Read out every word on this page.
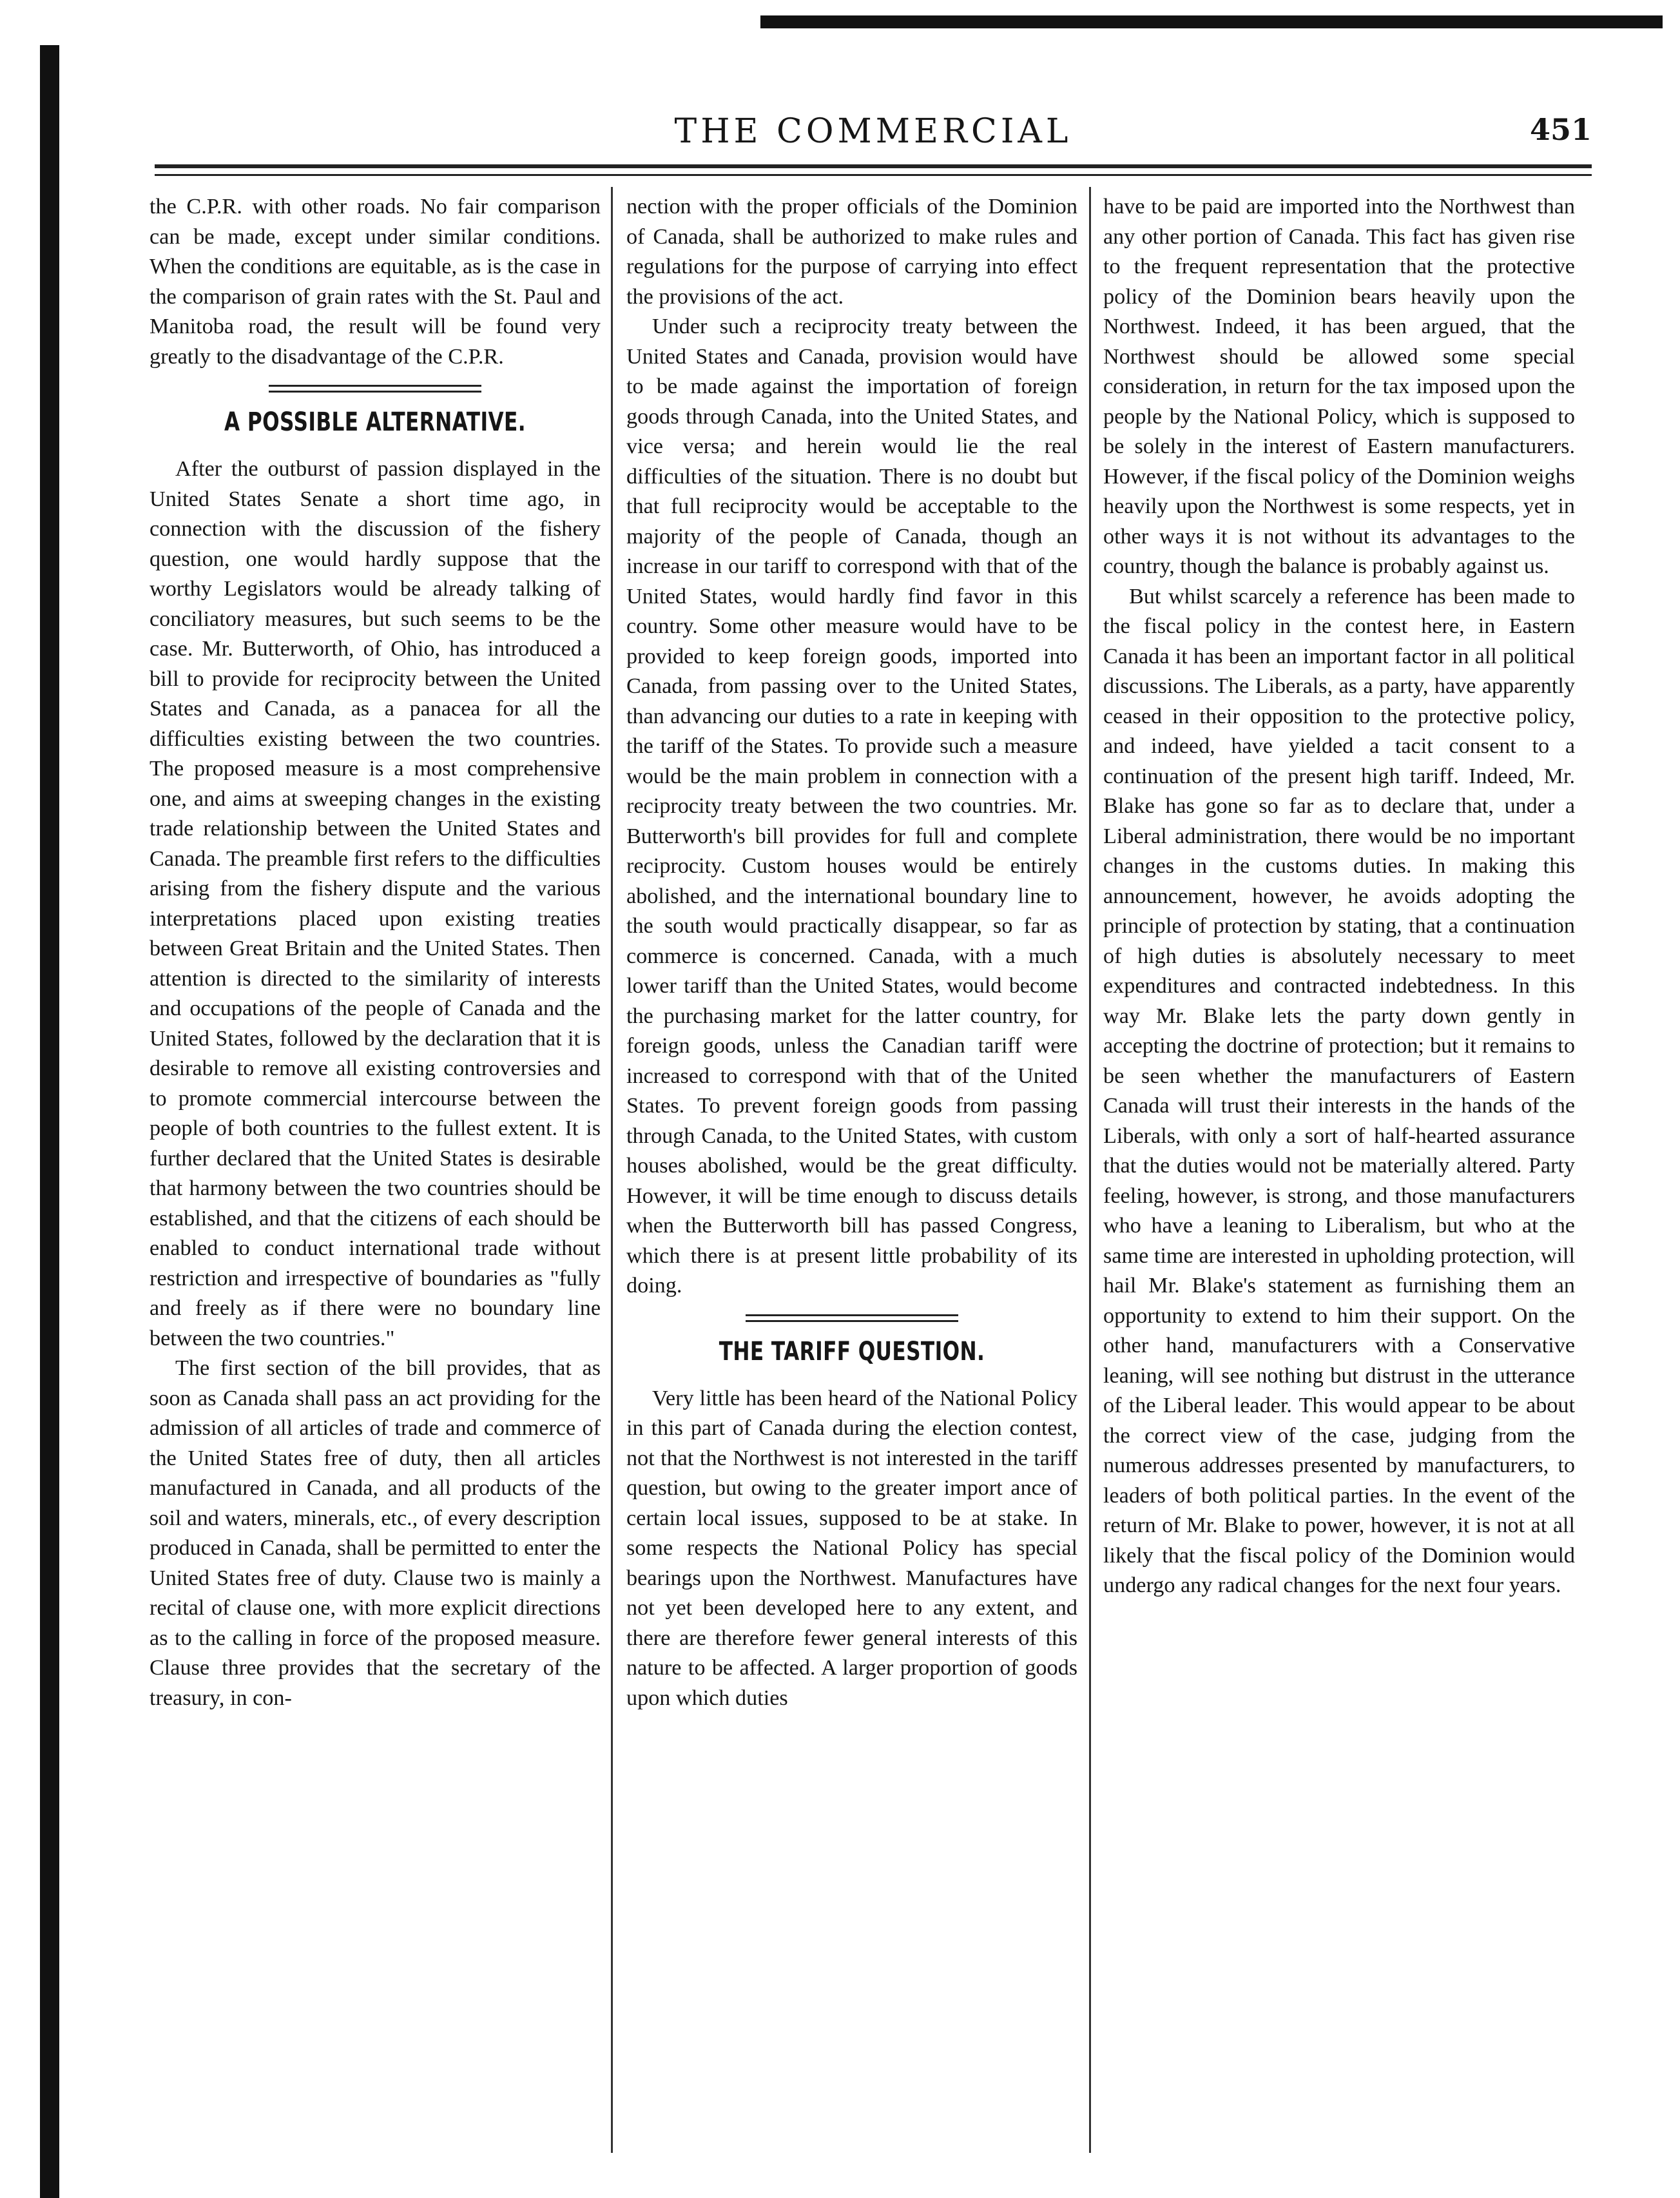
THE COMMERCIAL	451

the C.P.R. with other roads. No fair comparison can be made, except under similar conditions. When the conditions are equitable, as is the case in the comparison of grain rates with the St. Paul and Manitoba road, the result will be found very greatly to the disadvantage of the C.P.R.

A POSSIBLE ALTERNATIVE.

After the outburst of passion displayed in the United States Senate a short time ago, in connection with the discussion of the fishery question, one would hardly suppose that the worthy Legislators would be already talking of conciliatory measures, but such seems to be the case. Mr. Butterworth, of Ohio, has introduced a bill to provide for reciprocity between the United States and Canada, as a panacea for all the difficulties existing between the two countries. The proposed measure is a most comprehensive one, and aims at sweeping changes in the existing trade relationship between the United States and Canada. The preamble first refers to the difficulties arising from the fishery dispute and the various interpretations placed upon existing treaties between Great Britain and the United States. Then attention is directed to the similarity of interests and occupations of the people of Canada and the United States, followed by the declaration that it is desirable to remove all existing controversies and to promote commercial intercourse between the people of both countries to the fullest extent. It is further declared that the United States is desirable that harmony between the two countries should be established, and that the citizens of each should be enabled to conduct international trade without restriction and irrespective of boundaries as "fully and freely as if there were no boundary line between the two countries."

The first section of the bill provides, that as soon as Canada shall pass an act providing for the admission of all articles of trade and commerce of the United States free of duty, then all articles manufactured in Canada, and all products of the soil and waters, minerals, etc., of every description produced in Canada, shall be permitted to enter the United States free of duty. Clause two is mainly a recital of clause one, with more explicit directions as to the calling in force of the proposed measure. Clause three provides that the secretary of the treasury, in con-

nection with the proper officials of the Dominion of Canada, shall be authorized to make rules and regulations for the purpose of carrying into effect the provisions of the act.

Under such a reciprocity treaty between the United States and Canada, provision would have to be made against the importation of foreign goods through Canada, into the United States, and vice versa; and herein would lie the real difficulties of the situation. There is no doubt but that full reciprocity would be acceptable to the majority of the people of Canada, though an increase in our tariff to correspond with that of the United States, would hardly find favor in this country. Some other measure would have to be provided to keep foreign goods, imported into Canada, from passing over to the United States, than advancing our duties to a rate in keeping with the tariff of the States. To provide such a measure would be the main problem in connection with a reciprocity treaty between the two countries. Mr. Butterworth's bill provides for full and complete reciprocity. Custom houses would be entirely abolished, and the international boundary line to the south would practically disappear, so far as commerce is concerned. Canada, with a much lower tariff than the United States, would become the purchasing market for the latter country, for foreign goods, unless the Canadian tariff were increased to correspond with that of the United States. To prevent foreign goods from passing through Canada, to the United States, with custom houses abolished, would be the great difficulty. However, it will be time enough to discuss details when the Butterworth bill has passed Congress, which there is at present little probability of its doing.

THE TARIFF QUESTION.

Very little has been heard of the National Policy in this part of Canada during the election contest, not that the Northwest is not interested in the tariff question, but owing to the greater import ance of certain local issues, supposed to be at stake. In some respects the National Policy has special bearings upon the Northwest. Manufactures have not yet been developed here to any extent, and there are therefore fewer general interests of this nature to be affected. A larger proportion of goods upon which duties

have to be paid are imported into the Northwest than any other portion of Canada. This fact has given rise to the frequent representation that the protective policy of the Dominion bears heavily upon the Northwest. Indeed, it has been argued, that the Northwest should be allowed some special consideration, in return for the tax imposed upon the people by the National Policy, which is supposed to be solely in the interest of Eastern manufacturers. However, if the fiscal policy of the Dominion weighs heavily upon the Northwest is some respects, yet in other ways it is not without its advantages to the country, though the balance is probably against us.

But whilst scarcely a reference has been made to the fiscal policy in the contest here, in Eastern Canada it has been an important factor in all political discussions. The Liberals, as a party, have apparently ceased in their opposition to the protective policy, and indeed, have yielded a tacit consent to a continuation of the present high tariff. Indeed, Mr. Blake has gone so far as to declare that, under a Liberal administration, there would be no important changes in the customs duties. In making this announcement, however, he avoids adopting the principle of protection by stating, that a continuation of high duties is absolutely necessary to meet expenditures and contracted indebtedness. In this way Mr. Blake lets the party down gently in accepting the doctrine of protection; but it remains to be seen whether the manufacturers of Eastern Canada will trust their interests in the hands of the Liberals, with only a sort of half-hearted assurance that the duties would not be materially altered. Party feeling, however, is strong, and those manufacturers who have a leaning to Liberalism, but who at the same time are interested in upholding protection, will hail Mr. Blake's statement as furnishing them an opportunity to extend to him their support. On the other hand, manufacturers with a Conservative leaning, will see nothing but distrust in the utterance of the Liberal leader. This would appear to be about the correct view of the case, judging from the numerous addresses presented by manufacturers, to leaders of both political parties. In the event of the return of Mr. Blake to power, however, it is not at all likely that the fiscal policy of the Dominion would undergo any radical changes for the next four years.
